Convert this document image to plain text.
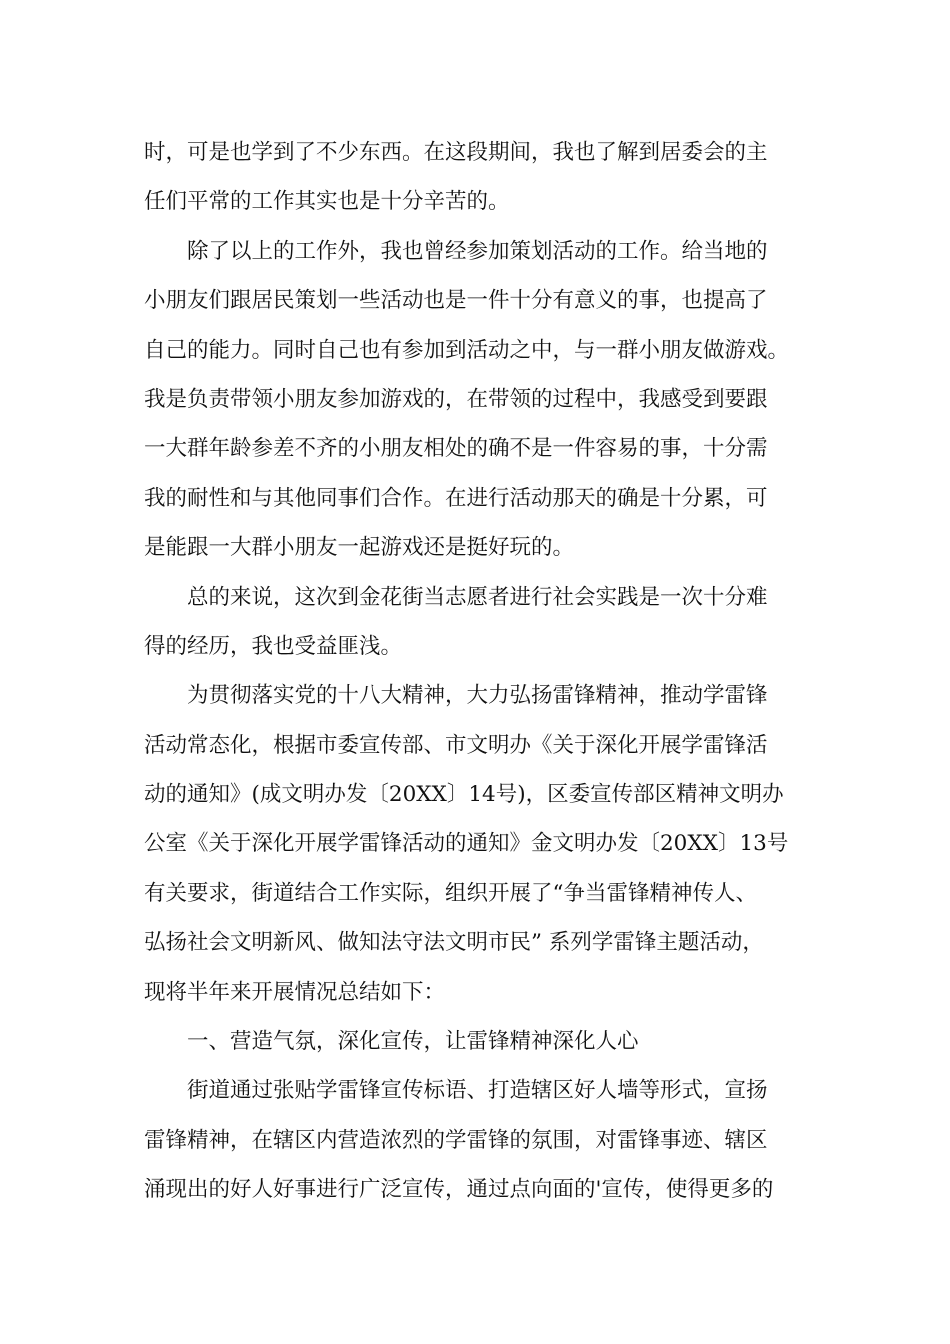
时，可是也学到了不少东西。在这段期间，我也了解到居委会的主
任们平常的工作其实也是十分辛苦的。
　　除了以上的工作外，我也曾经参加策划活动的工作。给当地的
小朋友们跟居民策划一些活动也是一件十分有意义的事，也提高了
自己的能力。同时自己也有参加到活动之中，与一群小朋友做游戏。
我是负责带领小朋友参加游戏的，在带领的过程中，我感受到要跟
一大群年龄参差不齐的小朋友相处的确不是一件容易的事，十分需
我的耐性和与其他同事们合作。在进行活动那天的确是十分累，可
是能跟一大群小朋友一起游戏还是挺好玩的。
　　总的来说，这次到金花街当志愿者进行社会实践是一次十分难
得的经历，我也受益匪浅。
　　为贯彻落实党的十八大精神，大力弘扬雷锋精神，推动学雷锋
活动常态化，根据市委宣传部、市文明办《关于深化开展学雷锋活
动的通知》(成文明办发〔20XX〕14号)，区委宣传部区精神文明办
公室《关于深化开展学雷锋活动的通知》金文明办发〔20XX〕13号
有关要求，街道结合工作实际，组织开展了“争当雷锋精神传人、
弘扬社会文明新风、做知法守法文明市民” 系列学雷锋主题活动，
现将半年来开展情况总结如下：
　　一、营造气氛，深化宣传，让雷锋精神深化人心
　　街道通过张贴学雷锋宣传标语、打造辖区好人墙等形式，宣扬
雷锋精神，在辖区内营造浓烈的学雷锋的氛围，对雷锋事迹、辖区
涌现出的好人好事进行广泛宣传，通过点向面的'宣传，使得更多的
